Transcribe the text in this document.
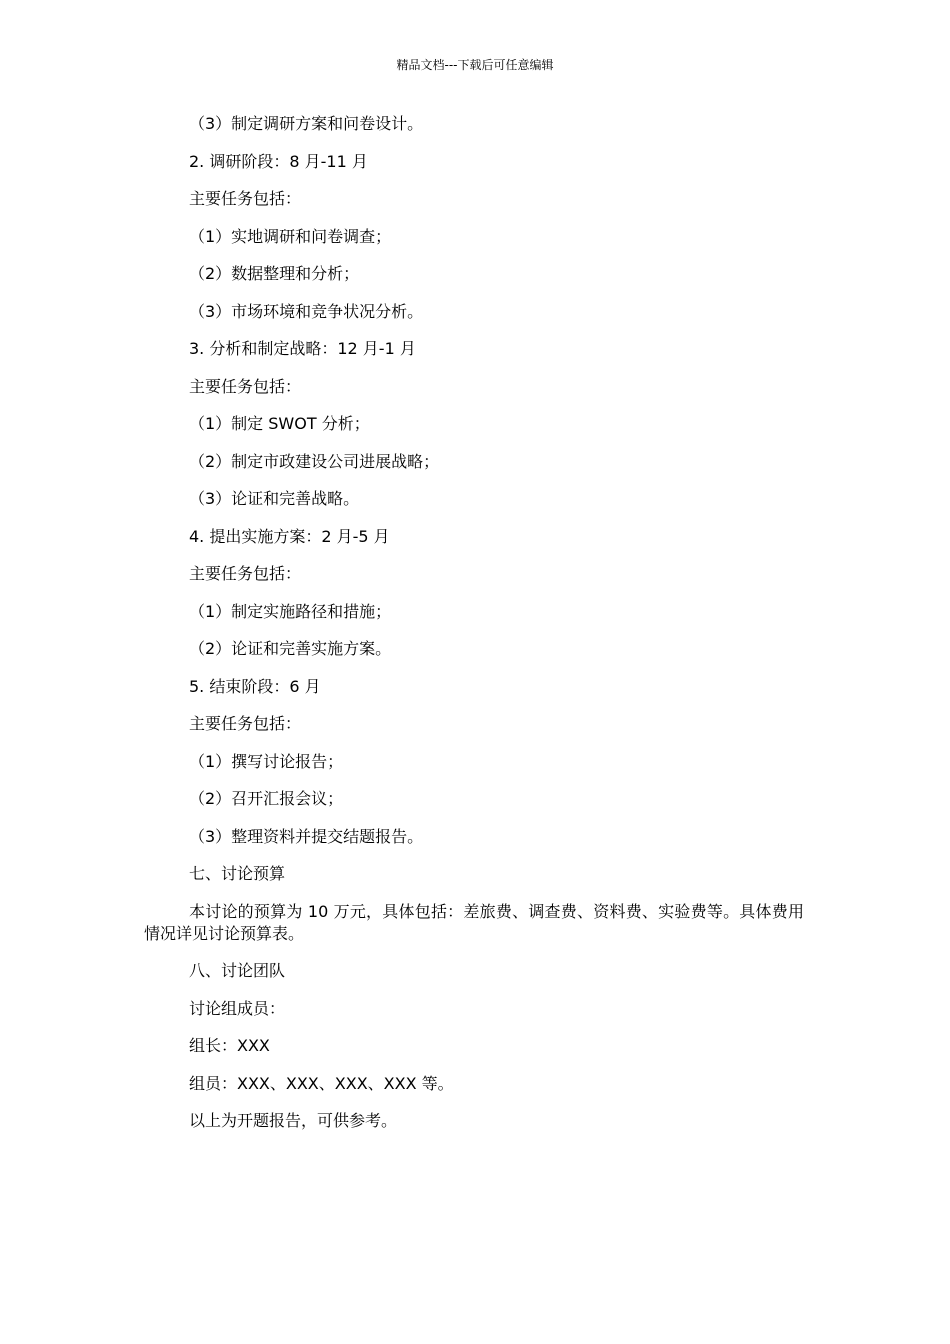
精品文档---下载后可任意编辑
（3）制定调研方案和问卷设计。
2. 调研阶段：8 月-11 月
主要任务包括：
（1）实地调研和问卷调查；
（2）数据整理和分析；
（3）市场环境和竞争状况分析。
3. 分析和制定战略：12 月-1 月
主要任务包括：
（1）制定 SWOT 分析；
（2）制定市政建设公司进展战略；
（3）论证和完善战略。
4. 提出实施方案：2 月-5 月
主要任务包括：
（1）制定实施路径和措施；
（2）论证和完善实施方案。
5. 结束阶段：6 月
主要任务包括：
（1）撰写讨论报告；
（2）召开汇报会议；
（3）整理资料并提交结题报告。
七、讨论预算
本讨论的预算为 10 万元，具体包括：差旅费、调查费、资料费、实验费等。具体费用情况详见讨论预算表。
八、讨论团队
讨论组成员：
组长：XXX
组员：XXX、XXX、XXX、XXX 等。
以上为开题报告，可供参考。
